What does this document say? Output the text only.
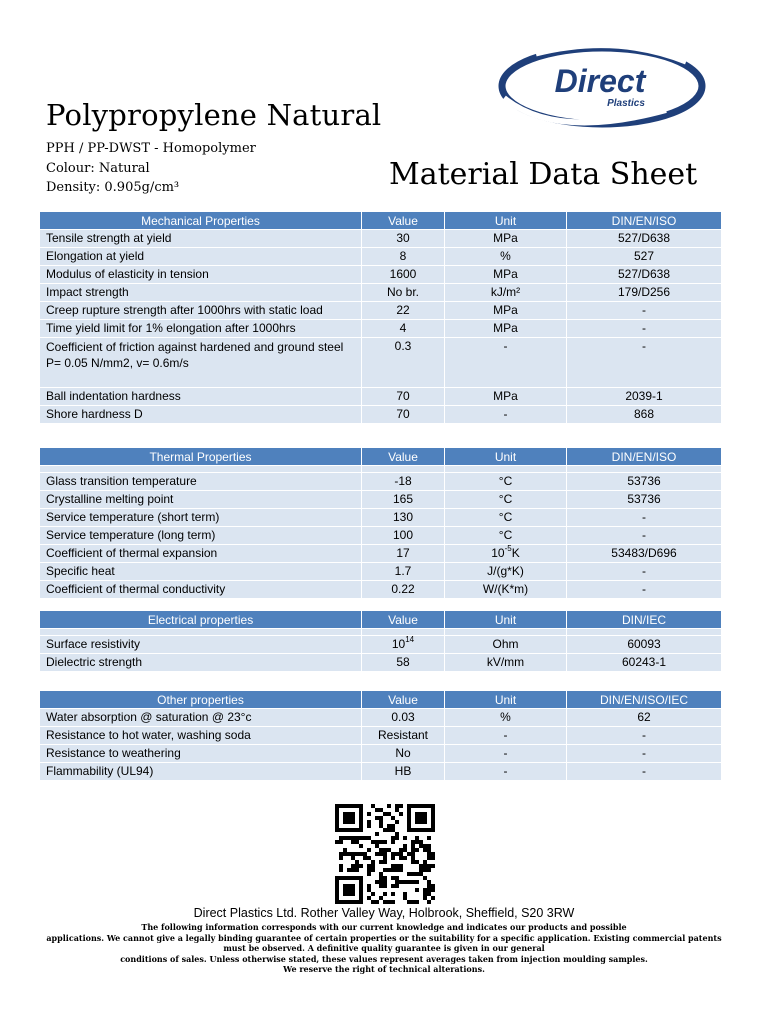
Polypropylene Natural
PPH / PP-DWST - Homopolymer
Colour: Natural
Density: 0.905g/cm³	Material Data Sheet
Direct
Plastics
Mechanical Properties	Value	Unit	DIN/EN/ISO
Tensile strength at yield	30	MPa	527/D638
Elongation at yield	8	%	527
Modulus of elasticity in tension	1600	MPa	527/D638
Impact strength	No br.	kJ/m²	179/D256
Creep rupture strength after 1000hrs with static load	22	MPa	-
Time yield limit for 1% elongation after 1000hrs	4	MPa	-
Coefficient of friction against hardened and ground steel
P= 0.05 N/mm2, v= 0.6m/s	0.3	-	-
Ball indentation hardness	70	MPa	2039-1
Shore hardness D	70	-	868
Thermal Properties	Value	Unit	DIN/EN/ISO

Glass transition temperature	-18	°C	53736
Crystalline melting point	165	°C	53736
Service temperature (short term)	130	°C	-
Service temperature (long term)	100	°C	-
Coefficient of thermal expansion	17	$10^{-5}K$	53483/D696
Specific heat	1.7	J/(g*K)	-
Coefficient of thermal conductivity	0.22	W/(K*m)	-
Electrical properties	Value	Unit	DIN/IEC

Surface resistivity	$10^{14}$	Ohm	60093
Dielectric strength	58	kV/mm	60243-1
Other properties	Value	Unit	DIN/EN/ISO/IEC
Water absorption @ saturation @ 23°c	0.03	%	62
Resistance to hot water, washing soda	Resistant	-	-
Resistance to weathering	No	-	-
Flammability (UL94)	HB	-	-
Direct Plastics Ltd. Rother Valley Way, Holbrook, Sheffield, S20 3RW
The following information corresponds with our current knowledge and indicates our products and possible
applications. We cannot give a legally binding guarantee of certain properties or the suitability for a specific application. Existing commercial patents
must be observed. A definitive quality guarantee is given in our general
conditions of sales. Unless otherwise stated, these values represent averages taken from injection moulding samples.
We reserve the right of technical alterations.
